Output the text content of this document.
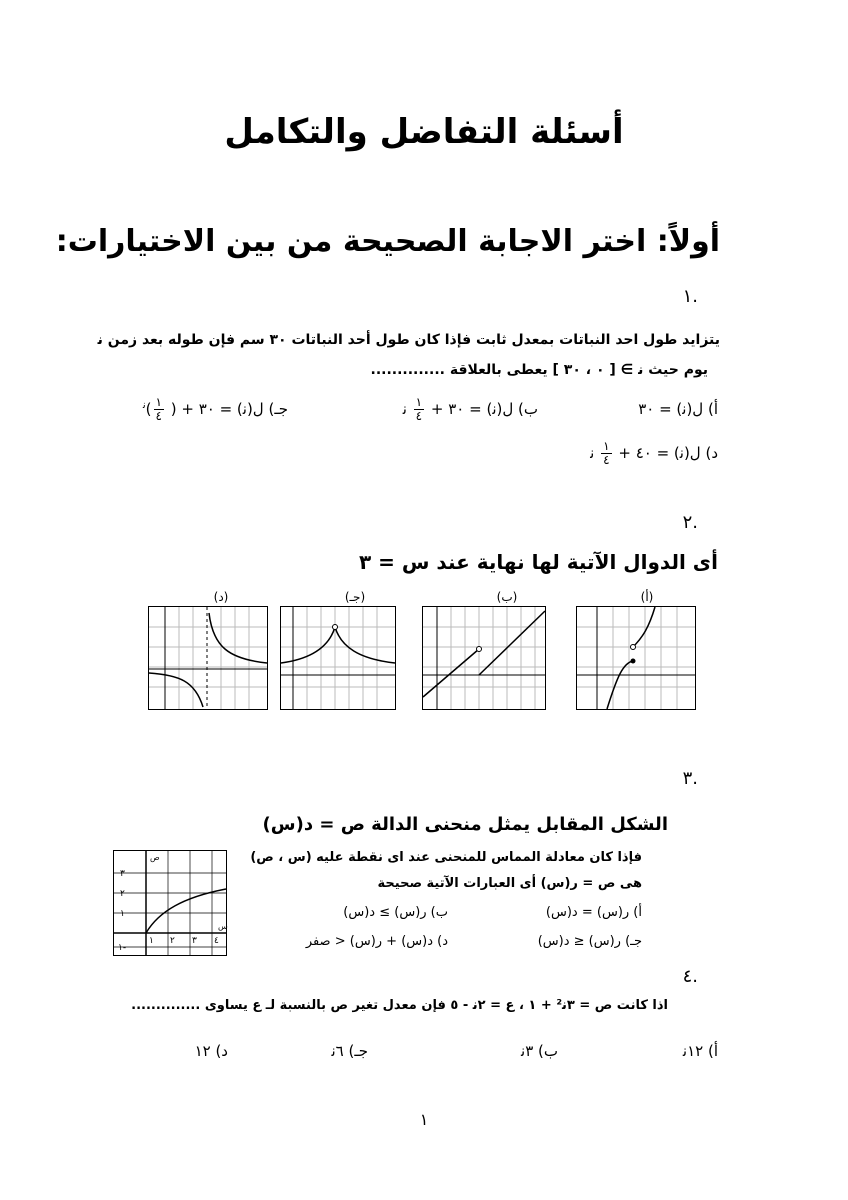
أسئلة التفاضل والتكامل
أولاً: اختر الاجابة الصحيحة من بين الاختيارات:
١.
يتزايد طول احد النباتات بمعدل ثابت فإذا كان طول أحد النباتات ٣٠ سم فإن طوله بعد زمن ﻧ
يوم حيث ﻧ ∋ [ ٠ ، ٣٠ ] يعطى بالعلاقة ..............
أ) ل(ﻧ) = ٣٠
ب) ل(ﻧ) = ٣٠ +
$\frac{١}{٤}$
ﻧ
جـ) ل(ﻧ) = ٣٠ + (
$\frac{١}{٤}$
)$^ﻧ$
د) ل(ﻧ) = ٤٠ +
$\frac{١}{٤}$
ﻧ
٢.
أى الدوال الآتية لها نهاية عند س = ٣
(أ)
(ب)
(جـ)
(د)
٣.
الشكل المقابل يمثل منحنى الدالة ص = د(س)
فإذا كان معادلة المماس للمنحنى عند اى نقطة عليه (س ، ص)
هى ص = ر(س) أى العبارات الآتية صحيحة
أ) ر(س) = د(س)
ب) ر(س) ≥ د(س)
جـ) ر(س) ≤ د(س)
د) د(س) + ر(س) < صفر
ص
س
٣
٢
١
١-
١ ٢ ٣ ٤
٤.
اذا كانت ص = ٣ﻧ² + ١ ، ع = ٢ﻧ - ٥ فإن معدل تغير ص بالنسبة لـ ع يساوى ..............
أ) ١٢ﻧ
ب) ٣ﻧ
جـ) ٦ﻧ
د) ١٢
١
